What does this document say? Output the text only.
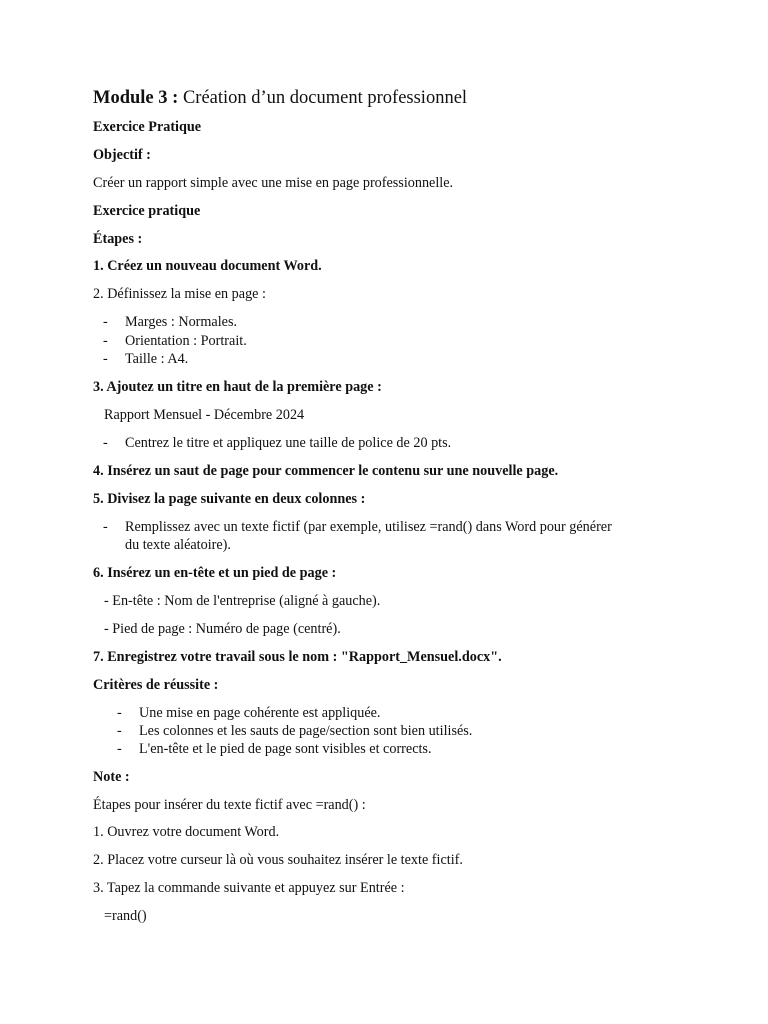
Module 3 : Création d’un document professionnel
Exercice Pratique
Objectif :
Créer un rapport simple avec une mise en page professionnelle.
Exercice pratique
Étapes :
1. Créez un nouveau document Word.
2. Définissez la mise en page :
- Marges : Normales.
- Orientation : Portrait.
- Taille : A4.
3. Ajoutez un titre en haut de la première page :
Rapport Mensuel - Décembre 2024
- Centrez le titre et appliquez une taille de police de 20 pts.
4. Insérez un saut de page pour commencer le contenu sur une nouvelle page.
5. Divisez la page suivante en deux colonnes :
- Remplissez avec un texte fictif (par exemple, utilisez =rand() dans Word pour générer
du texte aléatoire).
6. Insérez un en-tête et un pied de page :
- En-tête : Nom de l'entreprise (aligné à gauche).
- Pied de page : Numéro de page (centré).
7. Enregistrez votre travail sous le nom : "Rapport_Mensuel.docx".
Critères de réussite :
- Une mise en page cohérente est appliquée.
- Les colonnes et les sauts de page/section sont bien utilisés.
- L'en-tête et le pied de page sont visibles et corrects.
Note :
Étapes pour insérer du texte fictif avec =rand() :
1. Ouvrez votre document Word.
2. Placez votre curseur là où vous souhaitez insérer le texte fictif.
3. Tapez la commande suivante et appuyez sur Entrée :
=rand()
